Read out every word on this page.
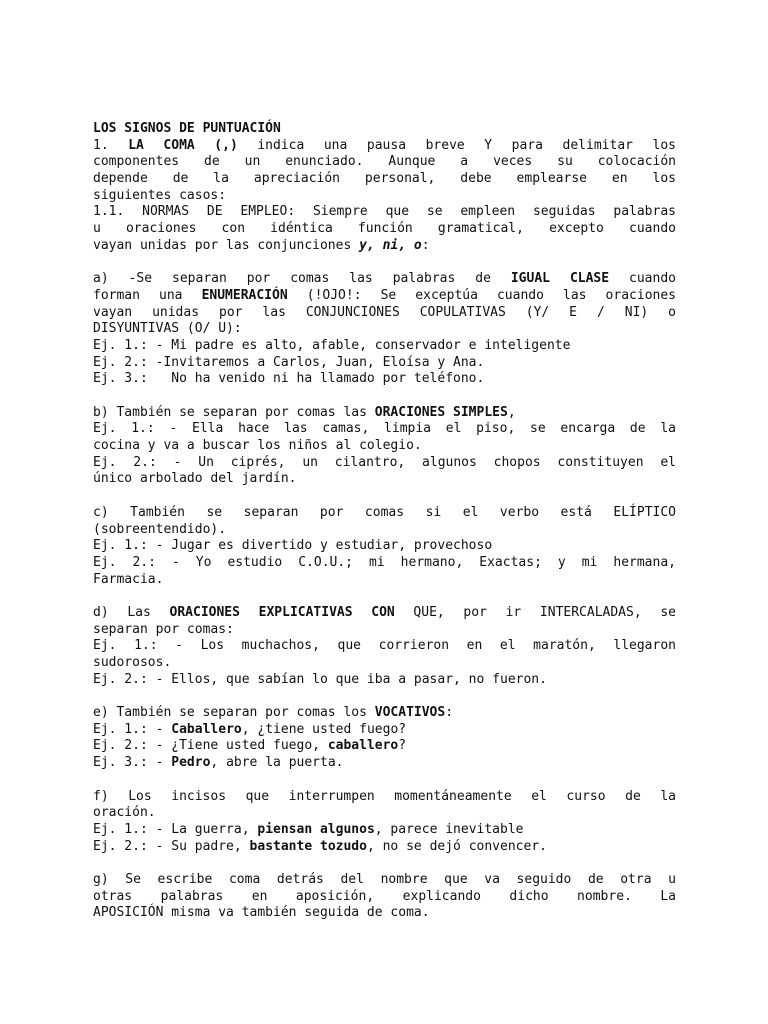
LOS SIGNOS DE PUNTUACIÓN
1. LA COMA (,) indica una pausa breve Y para delimitar los
componentes de un enunciado. Aunque a veces su colocación
depende de la apreciación personal, debe emplearse en los
siguientes casos:
1.1. NORMAS DE EMPLEO: Siempre que se empleen seguidas palabras
u oraciones con idéntica función gramatical, excepto cuando
vayan unidas por las conjunciones y, ni, o:
a) -Se separan por comas las palabras de IGUAL CLASE cuando
forman una ENUMERACIÓN (!OJO!: Se exceptúa cuando las oraciones
vayan unidas por las CONJUNCIONES COPULATIVAS (Y/ E / NI) o
DISYUNTIVAS (O/ U):
Ej. 1.: - Mi padre es alto, afable, conservador e inteligente
Ej. 2.: -Invitaremos a Carlos, Juan, Eloísa y Ana.
Ej. 3.:   No ha venido ni ha llamado por teléfono.
b) También se separan por comas las ORACIONES SIMPLES,
Ej. 1.: - Ella hace las camas, limpia el piso, se encarga de la
cocina y va a buscar los niños al colegio.
Ej. 2.: - Un ciprés, un cilantro, algunos chopos constituyen el
único arbolado del jardín.
c) También se separan por comas si el verbo está ELÍPTICO
(sobreentendido).
Ej. 1.: - Jugar es divertido y estudiar, provechoso
Ej. 2.: - Yo estudio C.O.U.; mi hermano, Exactas; y mi hermana,
Farmacia.
d) Las ORACIONES EXPLICATIVAS CON QUE, por ir INTERCALADAS, se
separan por comas:
Ej. 1.: - Los muchachos, que corrieron en el maratón, llegaron
sudorosos.
Ej. 2.: - Ellos, que sabían lo que iba a pasar, no fueron.
e) También se separan por comas los VOCATIVOS:
Ej. 1.: - Caballero, ¿tiene usted fuego?
Ej. 2.: - ¿Tiene usted fuego, caballero?
Ej. 3.: - Pedro, abre la puerta.
f) Los incisos que interrumpen momentáneamente el curso de la
oración.
Ej. 1.: - La guerra, piensan algunos, parece inevitable
Ej. 2.: - Su padre, bastante tozudo, no se dejó convencer.
g) Se escribe coma detrás del nombre que va seguido de otra u
otras palabras en aposición, explicando dicho nombre. La
APOSICIÓN misma va también seguida de coma.
